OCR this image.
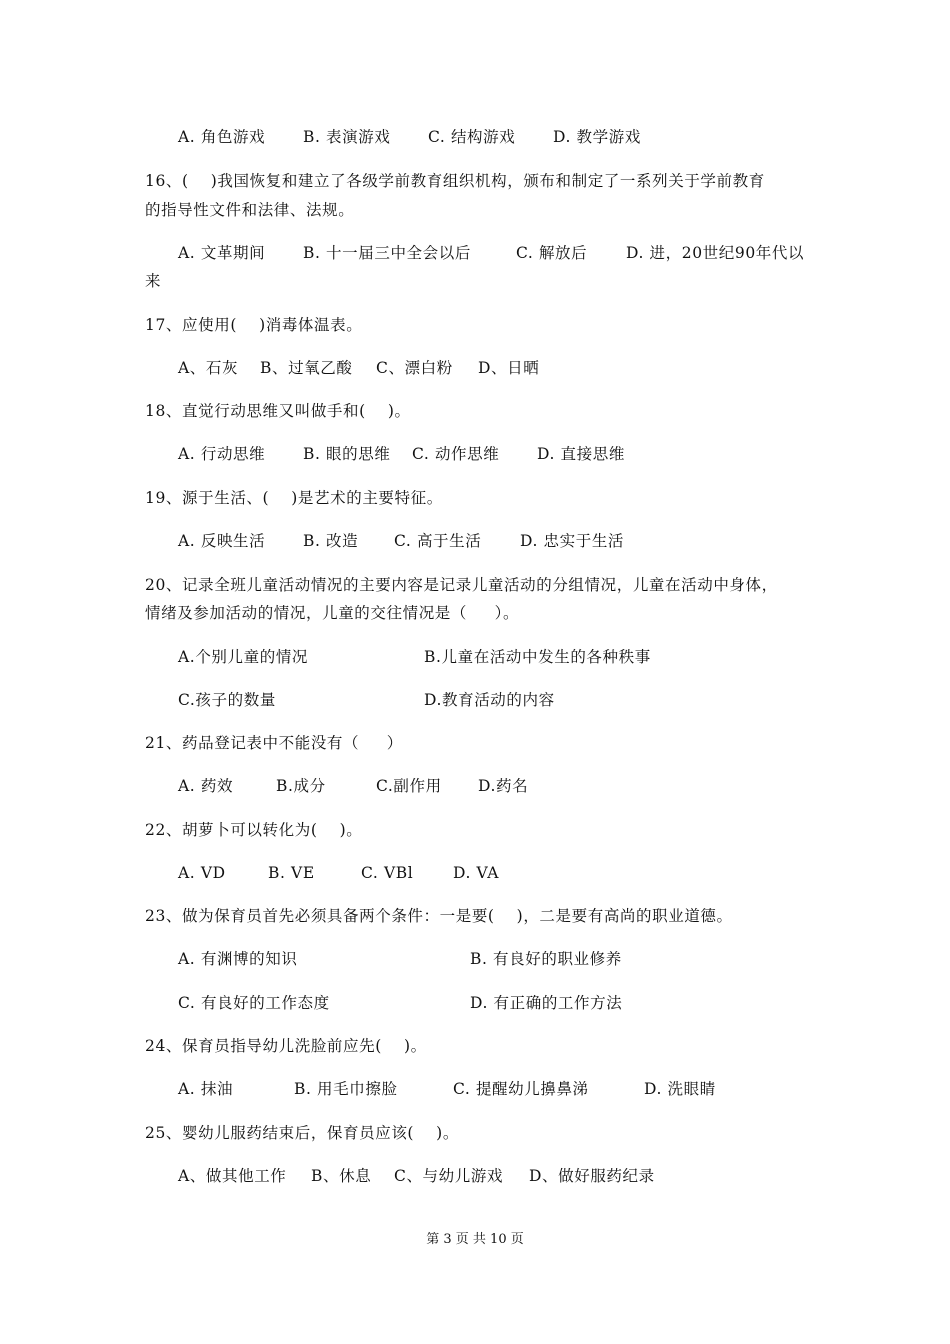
A. 角色游戏

B. 表演游戏

C. 结构游戏

D. 教学游戏

16、(    )我国恢复和建立了各级学前教育组织机构，颁布和制定了一系列关于学前教育
的指导性文件和法律、法规。

A. 文革期间

B. 十一届三中全会以后

	C. 解放后

D. 进，20世纪90年代以

来
17、应使用(    )消毒体温表。

A、石灰

B、过氧乙酸

C、漂白粉

D、日晒

18、直觉行动思维又叫做手和(    )。

A. 行动思维

B. 眼的思维

C. 动作思维

D. 直接思维

19、源于生活、(    )是艺术的主要特征。

A. 反映生活

B. 改造

C. 高于生活

D. 忠实于生活

20、记录全班儿童活动情况的主要内容是记录儿童活动的分组情况，儿童在活动中身体，
情绪及参加活动的情况，儿童的交往情况是（     ）。

A.个别儿童的情况

	B.儿童在活动中发生的各种秩事

C.孩子的数量

	D.教育活动的内容

21、药品登记表中不能没有（     ）

A. 药效

	B.成分

	C.副作用

D.药名

22、胡萝卜可以转化为(    )。

A. VD

	B. VE

	C. VBl

	D. VA

23、做为保育员首先必须具备两个条件：一是要(    )，二是要有高尚的职业道德。

A. 有渊博的知识

	B. 有良好的职业修养

C. 有良好的工作态度

	D. 有正确的工作方法

24、保育员指导幼儿洗脸前应先(    )。

A. 抹油

	B. 用毛巾擦脸

	C. 提醒幼儿擤鼻涕

	D. 洗眼睛

25、婴幼儿服药结束后，保育员应该(    )。

A、做其他工作

B、休息

C、与幼儿游戏

D、做好服药纪录

第 3 页 共 10 页
